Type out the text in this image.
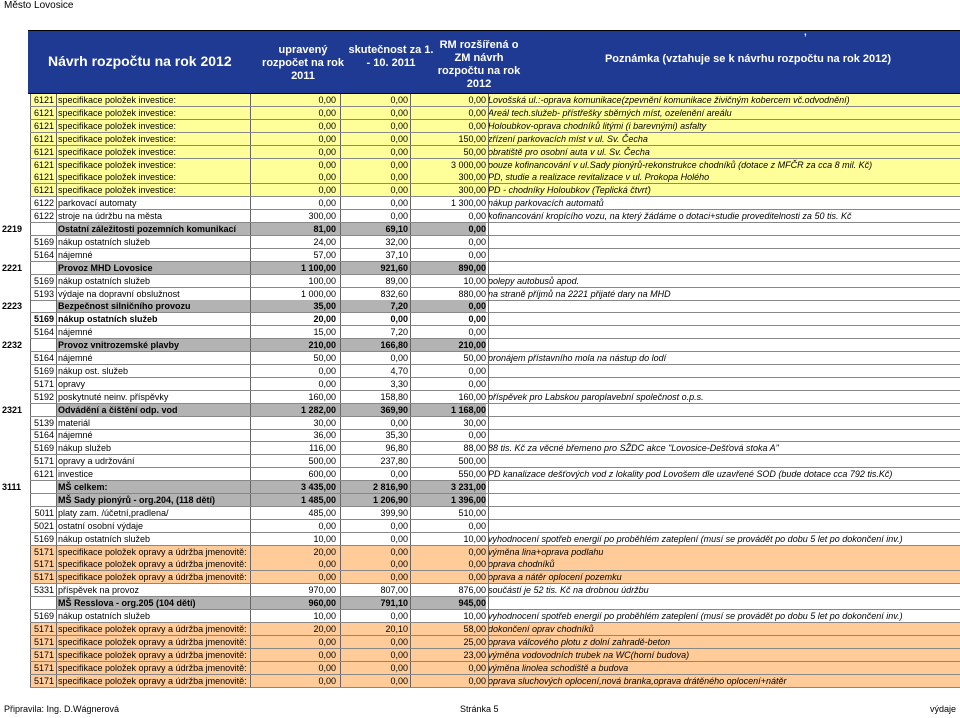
Město Lovosice
Návrh rozpočtu na rok 2012
upravený rozpočet na rok 2011
skutečnost za 1. - 10. 2011
RM rozšířená o ZM návrh rozpočtu na rok 2012
Poznámka (vztahuje se k návrhu rozpočtu na rok 2012)
,
6121 specifikace položek investice:	0,00	0,00	0,00 Lovošská ul.:-oprava komunikace(zpevnění komunikace živičným kobercem vč.odvodnění)
6121 specifikace položek investice:	0,00	0,00	0,00 Areál tech.služeb- přístřešky sběrných míst, ozelenění areálu
6121 specifikace položek investice:	0,00	0,00	0,00 Holoubkov-oprava chodníků litými (i barevnými) asfalty
6121 specifikace položek investice:	0,00	0,00	150,00 zřízení parkovacích míst v ul. Sv. Čecha
6121 specifikace položek investice:	0,00	0,00	50,00 obratiště pro osobní auta v ul. Sv. Čecha
6121 specifikace položek investice:	0,00	0,00	3 000,00 pouze kofinancování v ul.Sady pionýrů-rekonstrukce chodníků (dotace z MFČR za cca 8 mil. Kč)
6121 specifikace položek investice:	0,00	0,00	300,00 PD, studie a realizace revitalizace v ul. Prokopa Holého
6121 specifikace položek investice:	0,00	0,00	300,00 PD - chodníky Holoubkov (Teplická čtvrť)
6122 parkovací automaty	0,00	0,00	1 300,00 nákup parkovacích automatů
6122 stroje na údržbu na města	300,00	0,00	0,00 kofinancování kropícího vozu, na který žádáme o dotaci+studie proveditelnosti za 50 tis. Kč
2219	Ostatní záležitosti pozemních komunikací	81,00	69,10	0,00
5169 nákup ostatních služeb	24,00	32,00	0,00
5164 nájemné	57,00	37,10	0,00
2221	Provoz MHD Lovosice	1 100,00	921,60	890,00
5169 nákup ostatních služeb	100,00	89,00	10,00 polepy autobusů apod.
5193 výdaje na dopravní obslužnost	1 000,00	832,60	880,00 na straně příjmů na 2221 přijaté dary na MHD
2223	Bezpečnost silničního provozu	35,00	7,20	0,00
5169 nákup ostatních služeb	20,00	0,00	0,00
5164 nájemné	15,00	7,20	0,00
2232	Provoz vnitrozemské plavby	210,00	166,80	210,00
5164 nájemné	50,00	0,00	50,00 pronájem přístavního mola na nástup do lodí
5169 nákup ost. služeb	0,00	4,70	0,00
5171 opravy	0,00	3,30	0,00
5192 poskytnuté neinv. příspěvky	160,00	158,80	160,00 příspěvek pro Labskou paroplavební společnost o.p.s.
2321	Odvádění a čištění odp. vod	1 282,00	369,90	1 168,00
5139 materiál	30,00	0,00	30,00
5164 nájemné	36,00	35,30	0,00
5169 nákup služeb	116,00	96,80	88,00 88 tis. Kč za věcné břemeno pro SŽDC akce "Lovosice-Dešťová stoka A"
5171 opravy a udržování	500,00	237,80	500,00
6121 investice	600,00	0,00	550,00 PD kanalizace dešťových vod z lokality pod Lovošem dle uzavřené SOD (bude dotace cca 792 tis.Kč)
3111	MŠ celkem:	3 435,00	2 816,90	3 231,00
MŠ Sady pionýrů - org.204, (118 dětí)	1 485,00	1 206,90	1 396,00
5011 platy zam. /účetní,pradlena/	485,00	399,90	510,00
5021 ostatní osobní výdaje	0,00	0,00	0,00
5169 nákup ostatních služeb	10,00	0,00	10,00 vyhodnocení spotřeb energií po proběhlém zateplení (musí se provádět po dobu 5 let po dokončení inv.)
5171 specifikace položek opravy a údržba jmenovitě:	20,00	0,00	0,00 výměna lina+oprava podlahu
5171 specifikace položek opravy a údržba jmenovitě:	0,00	0,00	0,00 oprava chodníků
5171 specifikace položek opravy a údržba jmenovitě:	0,00	0,00	0,00 oprava a nátěr oplocení pozemku
5331 příspěvek na provoz	970,00	807,00	876,00 součástí je 52 tis. Kč na drobnou údržbu
MŠ Resslova - org.205 (104 dětí)	960,00	791,10	945,00
5169 nákup ostatních služeb	10,00	0,00	10,00 vyhodnocení spotřeb energií po proběhlém zateplení (musí se provádět po dobu 5 let po dokončení inv.)
5171 specifikace položek opravy a údržba jmenovitě:	20,00	20,10	58,00 dokončení oprav chodníků
5171 specifikace položek opravy a údržba jmenovitě:	0,00	0,00	25,00 oprava válcového plotu z dolní zahradě-beton
5171 specifikace položek opravy a údržba jmenovitě:	0,00	0,00	23,00 výměna vodovodních trubek na WC(horní budova)
5171 specifikace položek opravy a údržba jmenovitě:	0,00	0,00	0,00 výměna linolea schodiště a budova
5171 specifikace položek opravy a údržba jmenovitě:	0,00	0,00	0,00 oprava sluchových oplocení,nová branka,oprava drátěného oplocení+nátěr
Připravila: Ing. D.Wágnerová	Stránka 5	výdaje
